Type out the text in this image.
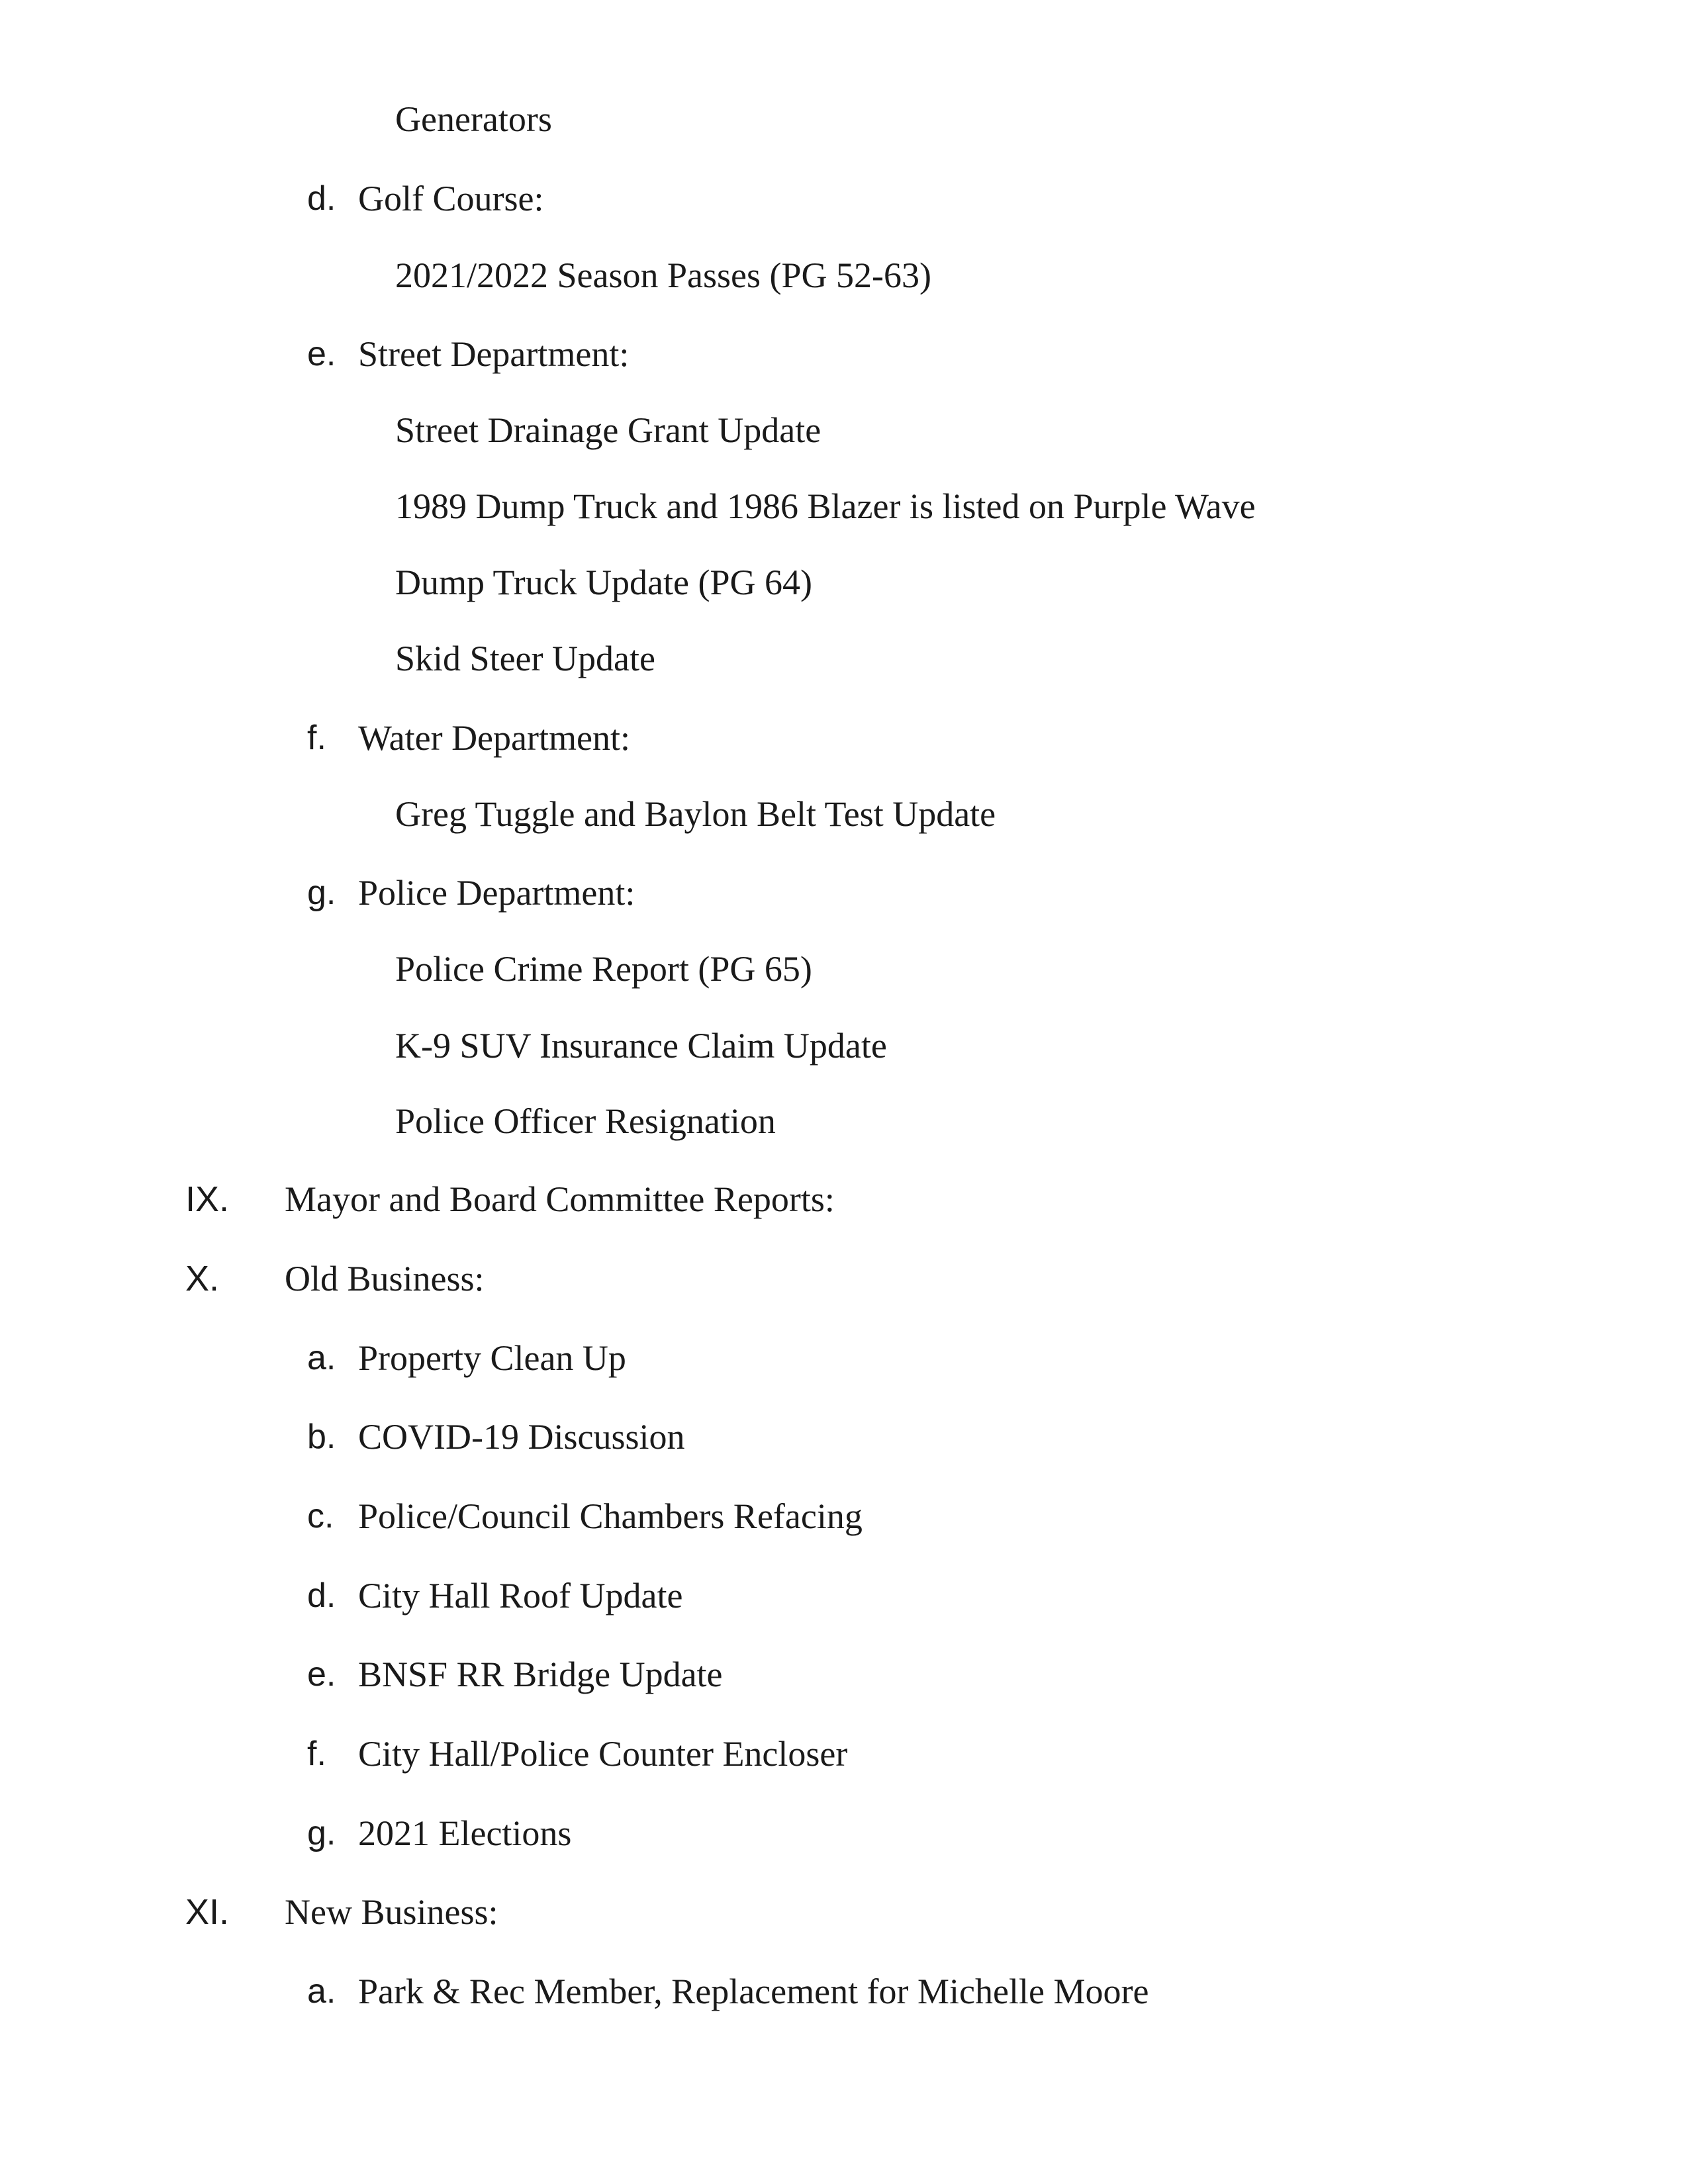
Generators
d. Golf Course:
2021/2022 Season Passes (PG 52-63)
e. Street Department:
Street Drainage Grant Update
1989 Dump Truck and 1986 Blazer is listed on Purple Wave
Dump Truck Update (PG 64)
Skid Steer Update
f. Water Department:
Greg Tuggle and Baylon Belt Test Update
g. Police Department:
Police Crime Report (PG 65)
K-9 SUV Insurance Claim Update
Police Officer Resignation
IX. Mayor and Board Committee Reports:
X. Old Business:
a. Property Clean Up
b. COVID-19 Discussion
c. Police/Council Chambers Refacing
d. City Hall Roof Update
e. BNSF RR Bridge Update
f. City Hall/Police Counter Encloser
g. 2021 Elections
XI. New Business:
a. Park & Rec Member, Replacement for Michelle Moore
